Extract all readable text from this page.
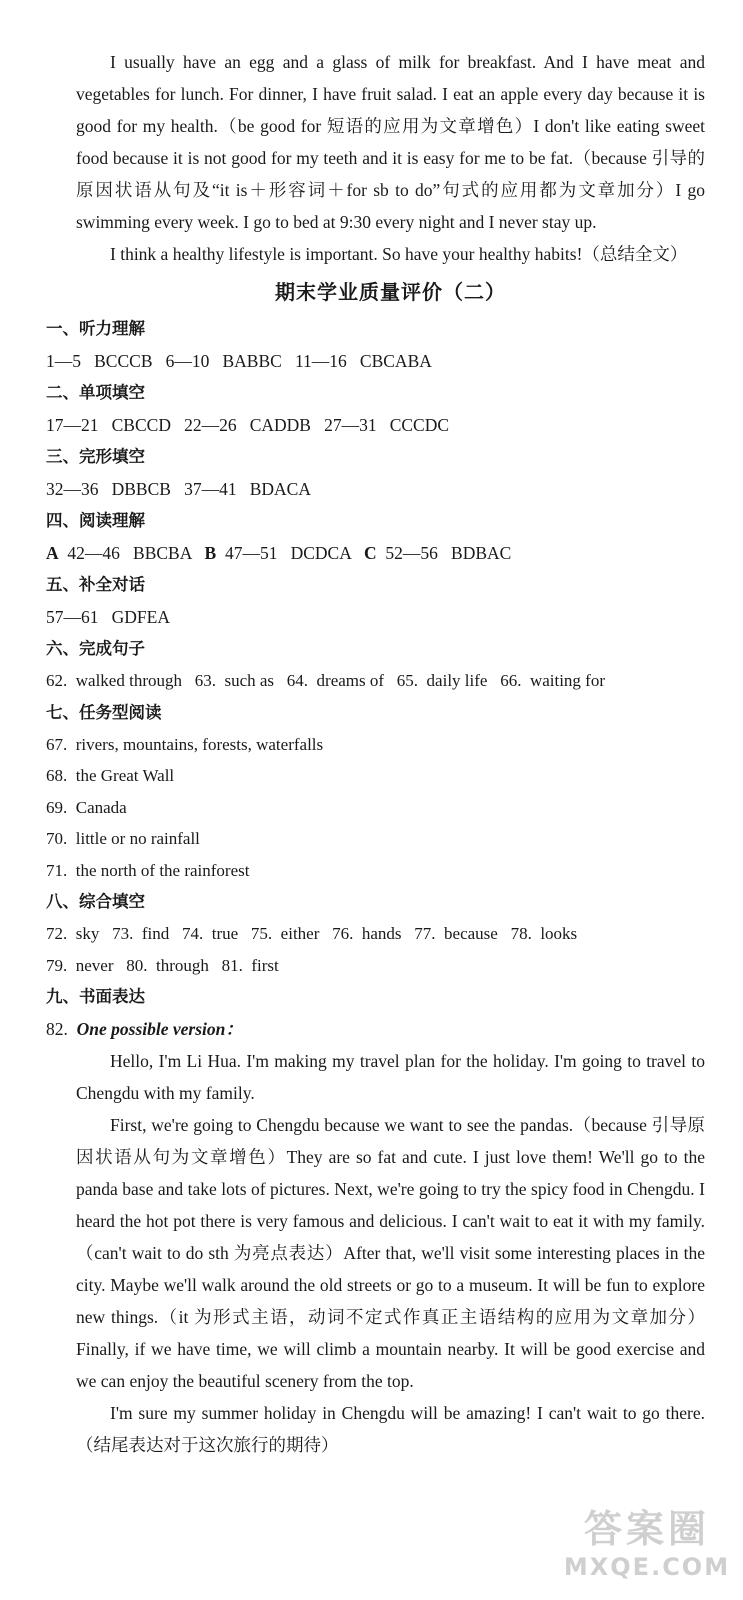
I usually have an egg and a glass of milk for breakfast. And I have meat and vegetables for lunch. For dinner, I have fruit salad. I eat an apple every day because it is good for my health.（be good for 短语的应用为文章增色）I don't like eating sweet food because it is not good for my teeth and it is easy for me to be fat.（because 引导的原因状语从句及“it is＋形容词＋for sb to do”句式的应用都为文章加分）I go swimming every week. I go to bed at 9:30 every night and I never stay up.

I think a healthy lifestyle is important. So have your healthy habits!（总结全文）

期末学业质量评价（二）
一、听力理解
1—5   BCCCB   6—10   BABBC   11—16   CBCABA
二、单项填空
17—21   CBCCD   22—26   CADDB   27—31   CCCDC
三、完形填空
32—36   DBBCB   37—41   BDACA
四、阅读理解
A  42—46   BBCBA   B  47—51   DCDCA   C  52—56   BDBAC
五、补全对话
57—61   GDFEA
六、完成句子
62.  walked through   63.  such as   64.  dreams of   65.  daily life   66.  waiting for
七、任务型阅读
67.  rivers, mountains, forests, waterfalls
68.  the Great Wall
69.  Canada
70.  little or no rainfall
71.  the north of the rainforest
八、综合填空
72.  sky   73.  find   74.  true   75.  either   76.  hands   77.  because   78.  looks
79.  never   80.  through   81.  first
九、书面表达
82. One possible version：

Hello, I'm Li Hua. I'm making my travel plan for the holiday. I'm going to travel to Chengdu with my family.

First, we're going to Chengdu because we want to see the pandas.（because 引导原因状语从句为文章增色）They are so fat and cute. I just love them! We'll go to the panda base and take lots of pictures. Next, we're going to try the spicy food in Chengdu. I heard the hot pot there is very famous and delicious. I can't wait to eat it with my family.（can't wait to do sth 为亮点表达）After that, we'll visit some interesting places in the city. Maybe we'll walk around the old streets or go to a museum. It will be fun to explore new things.（it 为形式主语，动词不定式作真正主语结构的应用为文章加分）Finally, if we have time, we will climb a mountain nearby. It will be good exercise and we can enjoy the beautiful scenery from the top.

I'm sure my summer holiday in Chengdu will be amazing! I can't wait to go there.（结尾表达对于这次旅行的期待）

答案圈
MXQE.COM
